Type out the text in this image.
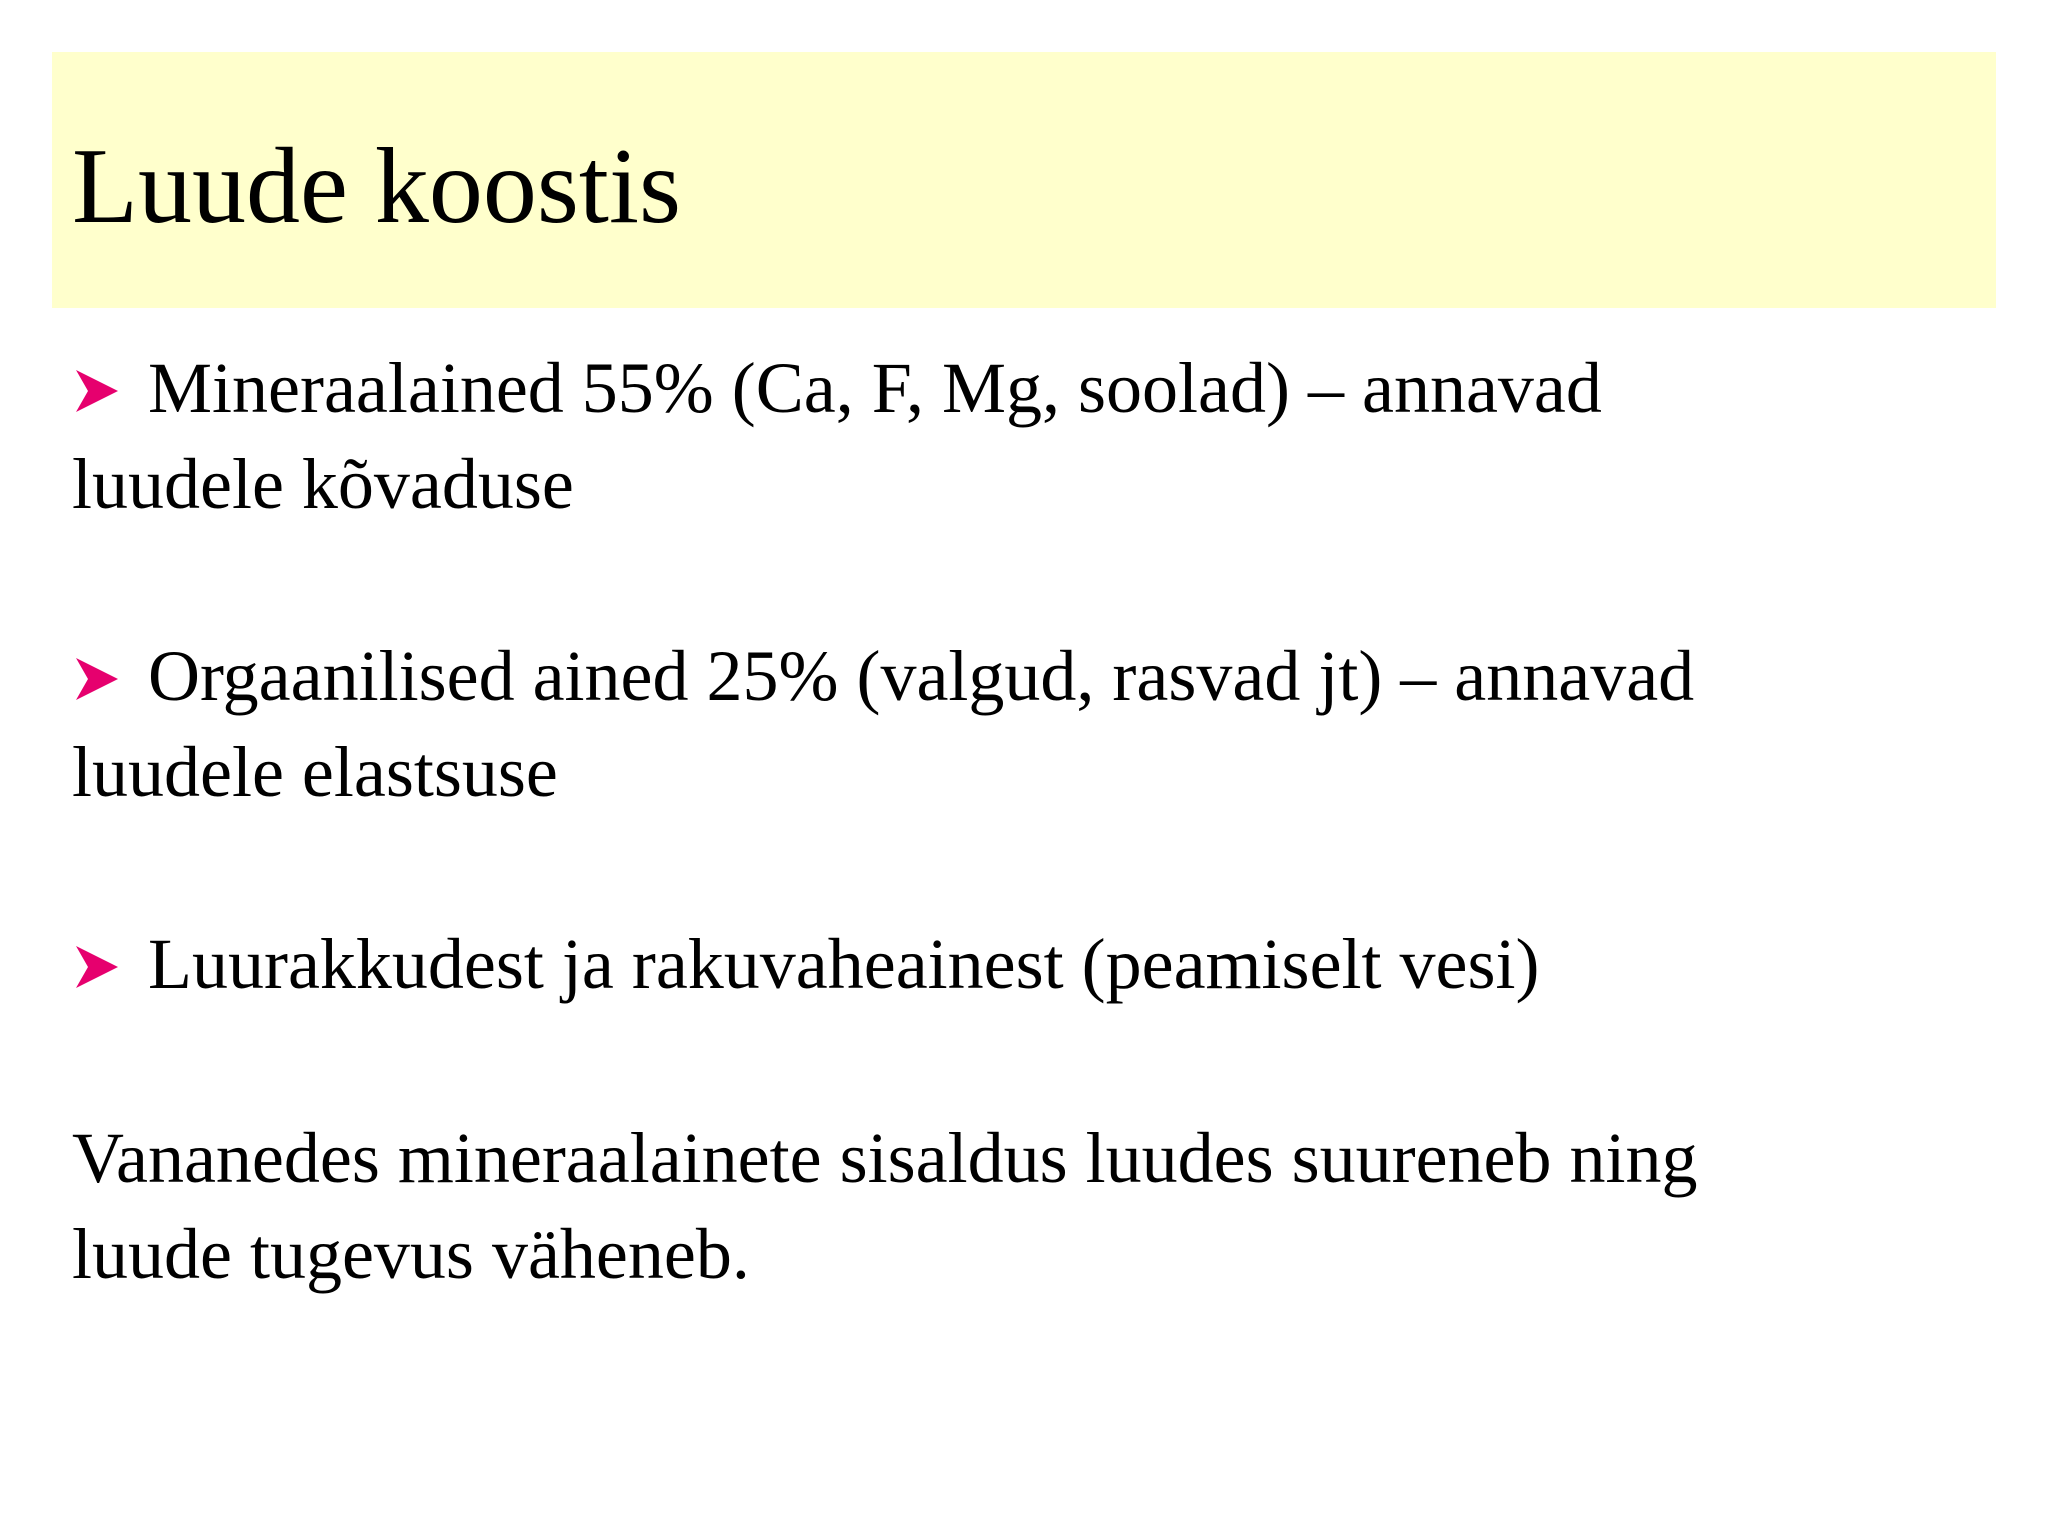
Luude koostis

Mineraalained 55% (Ca, F, Mg, soolad) – annavad
luudele kõvaduse

Orgaanilised ained 25% (valgud, rasvad jt) – annavad
luudele elastsuse

Luurakkudest ja rakuvaheainest (peamiselt vesi)

Vananedes mineraalainete sisaldus luudes suureneb ning
luude tugevus väheneb.
